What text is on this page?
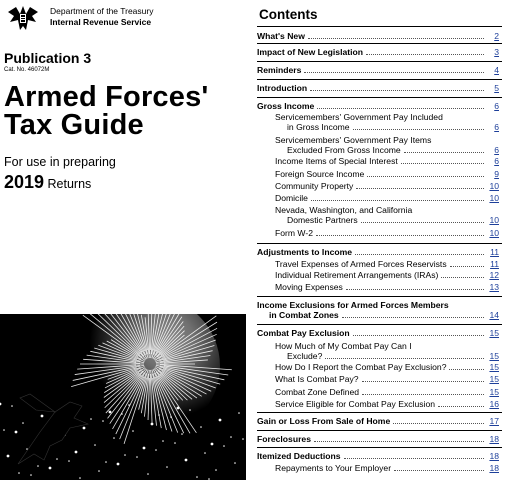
Department of the Treasury
Internal Revenue Service
Publication 3
Cat. No. 46072M
Armed Forces'
Tax Guide
For use in preparing
2019 Returns
Contents
What's New	2
Impact of New Legislation	3
Reminders	4
Introduction	5
Gross Income	6
Servicemembers' Government Pay Included
in Gross Income	6
Servicemembers' Government Pay Items
Excluded From Gross Income	6
Income Items of Special Interest	6
Foreign Source Income	9
Community Property	10
Domicile	10
Nevada, Washington, and California
Domestic Partners	10
Form W-2	10
Adjustments to Income	11
Travel Expenses of Armed Forces Reservists	11
Individual Retirement Arrangements (IRAs)	12
Moving Expenses	13
Income Exclusions for Armed Forces Members
in Combat Zones	14
Combat Pay Exclusion	15
How Much of My Combat Pay Can I
Exclude?	15
How Do I Report the Combat Pay Exclusion?	15
What Is Combat Pay?	15
Combat Zone Defined	15
Service Eligible for Combat Pay Exclusion	16
Gain or Loss From Sale of Home	17
Foreclosures	18
Itemized Deductions	18
Repayments to Your Employer	18
